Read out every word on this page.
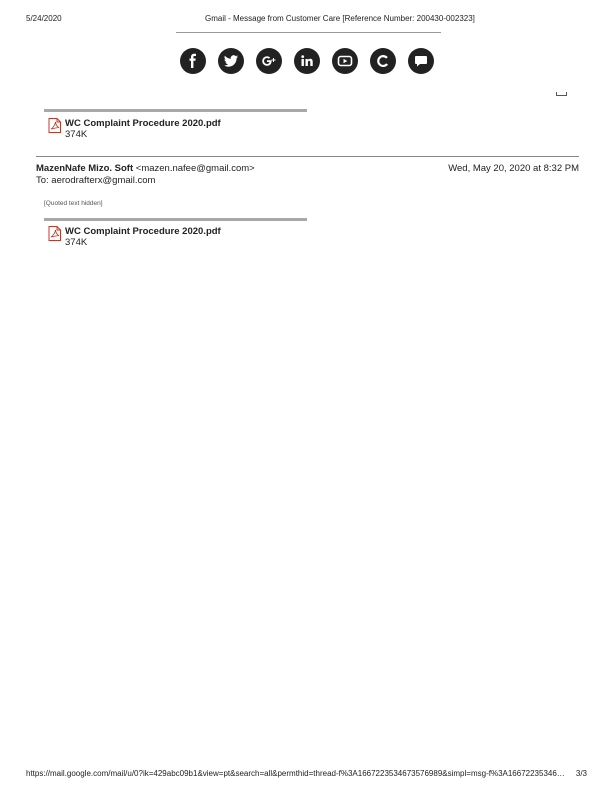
5/24/2020	Gmail - Message from Customer Care [Reference Number: 200430-002323]
WC Complaint Procedure 2020.pdf
374K
MazenNafe Mizo. Soft <mazen.nafee@gmail.com>
To: aerodrafterx@gmail.com
Wed, May 20, 2020 at 8:32 PM
[Quoted text hidden]
WC Complaint Procedure 2020.pdf
374K
https://mail.google.com/mail/u/0?ik=429abc09b1&view=pt&search=all&permthid=thread-f%3A1667223534673576989&simpl=msg-f%3A16672235346… 3/3
